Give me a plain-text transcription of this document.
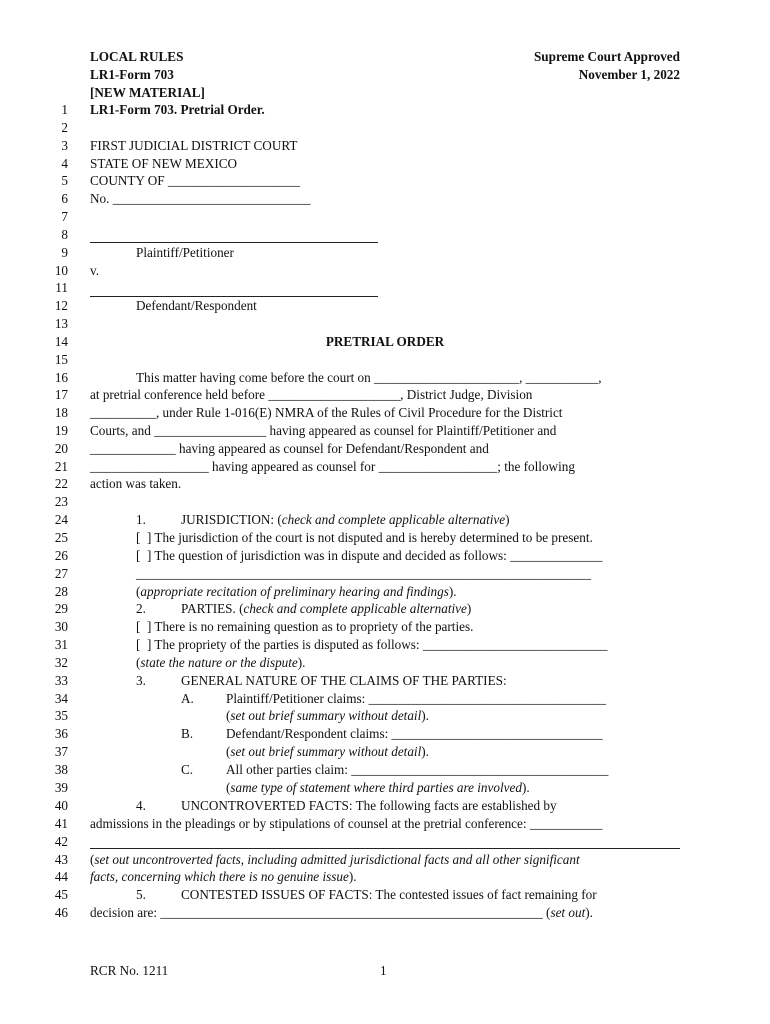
LOCAL RULES
LR1-Form 703
[NEW MATERIAL]
LR1-Form 703. Pretrial Order.
Supreme Court Approved
November 1, 2022
1
2
3
4
5
6
7
8
9
10
11
12
13
14
15
16
17
18
19
20
21
22
23
24
25
26
27
28
29
30
31
32
33
34
35
36
37
38
39
40
41
42
43
44
45
46
FIRST JUDICIAL DISTRICT COURT
STATE OF NEW MEXICO
COUNTY OF ____________________
No. ______________________________
Plaintiff/Petitioner
v.
Defendant/Respondent
PRETRIAL ORDER
This matter having come before the court on ______________________, ___________,
at pretrial conference held before ____________________, District Judge, Division
__________, under Rule 1-016(E) NMRA of the Rules of Civil Procedure for the District
Courts, and _________________ having appeared as counsel for Plaintiff/Petitioner and
_____________ having appeared as counsel for Defendant/Respondent and
__________________ having appeared as counsel for __________________; the following
action was taken.
1.	JURISDICTION: (check and complete applicable alternative)
[  ] The jurisdiction of the court is not disputed and is hereby determined to be present.
[  ] The question of jurisdiction was in dispute and decided as follows: ______________
_____________________________________________________________________
(appropriate recitation of preliminary hearing and findings).
2.	PARTIES. (check and complete applicable alternative)
[  ] There is no remaining question as to propriety of the parties.
[  ] The propriety of the parties is disputed as follows: ____________________________
(state the nature or the dispute).
3.	GENERAL NATURE OF THE CLAIMS OF THE PARTIES:
A. Plaintiff/Petitioner claims: ____________________________________
(set out brief summary without detail).
B. Defendant/Respondent claims: ________________________________
(set out brief summary without detail).
C. All other parties claim: _______________________________________
(same type of statement where third parties are involved).
4.	UNCONTROVERTED FACTS: The following facts are established by
admissions in the pleadings or by stipulations of counsel at the pretrial conference: ___________
(set out uncontroverted facts, including admitted jurisdictional facts and all other significant
facts, concerning which there is no genuine issue).
5.	CONTESTED ISSUES OF FACTS: The contested issues of fact remaining for
decision are: __________________________________________________________ (set out).
RCR No. 1211	1
